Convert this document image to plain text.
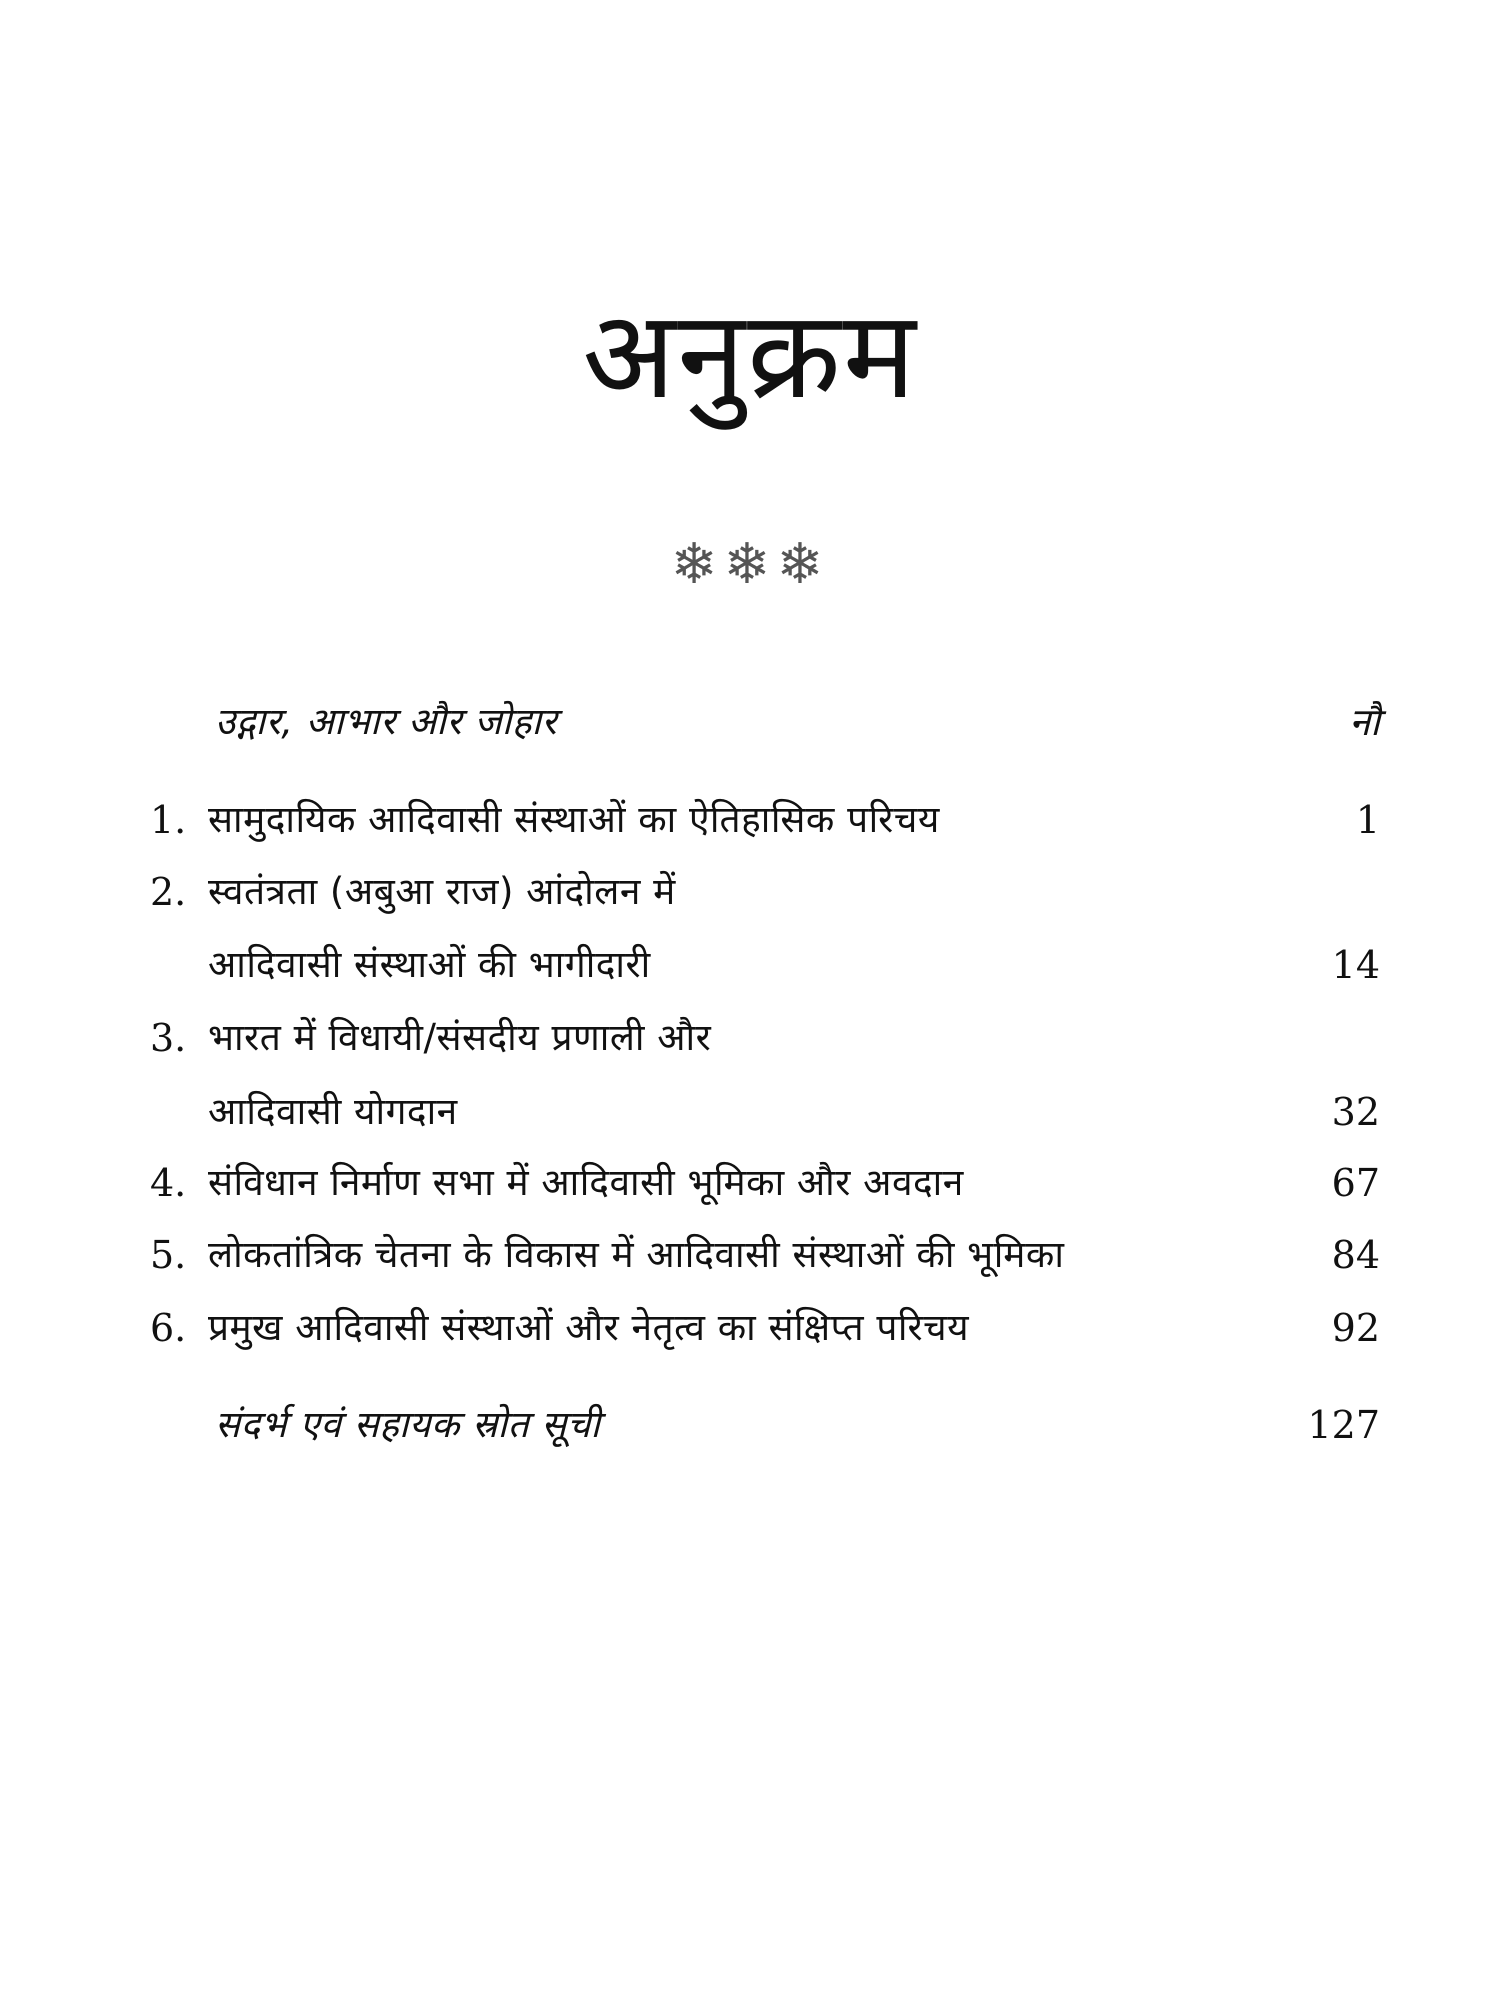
अनुक्रम
❄❄❄
उद्गार, आभार और जोहार	नौ
1. सामुदायिक आदिवासी संस्थाओं का ऐतिहासिक परिचय	1
2. स्वतंत्रता (अबुआ राज) आंदोलन में
आदिवासी संस्थाओं की भागीदारी	14
3. भारत में विधायी/संसदीय प्रणाली और
आदिवासी योगदान	32
4. संविधान निर्माण सभा में आदिवासी भूमिका और अवदान	67
5. लोकतांत्रिक चेतना के विकास में आदिवासी संस्थाओं की भूमिका	84
6. प्रमुख आदिवासी संस्थाओं और नेतृत्व का संक्षिप्त परिचय	92
संदर्भ एवं सहायक स्रोत सूची	127
